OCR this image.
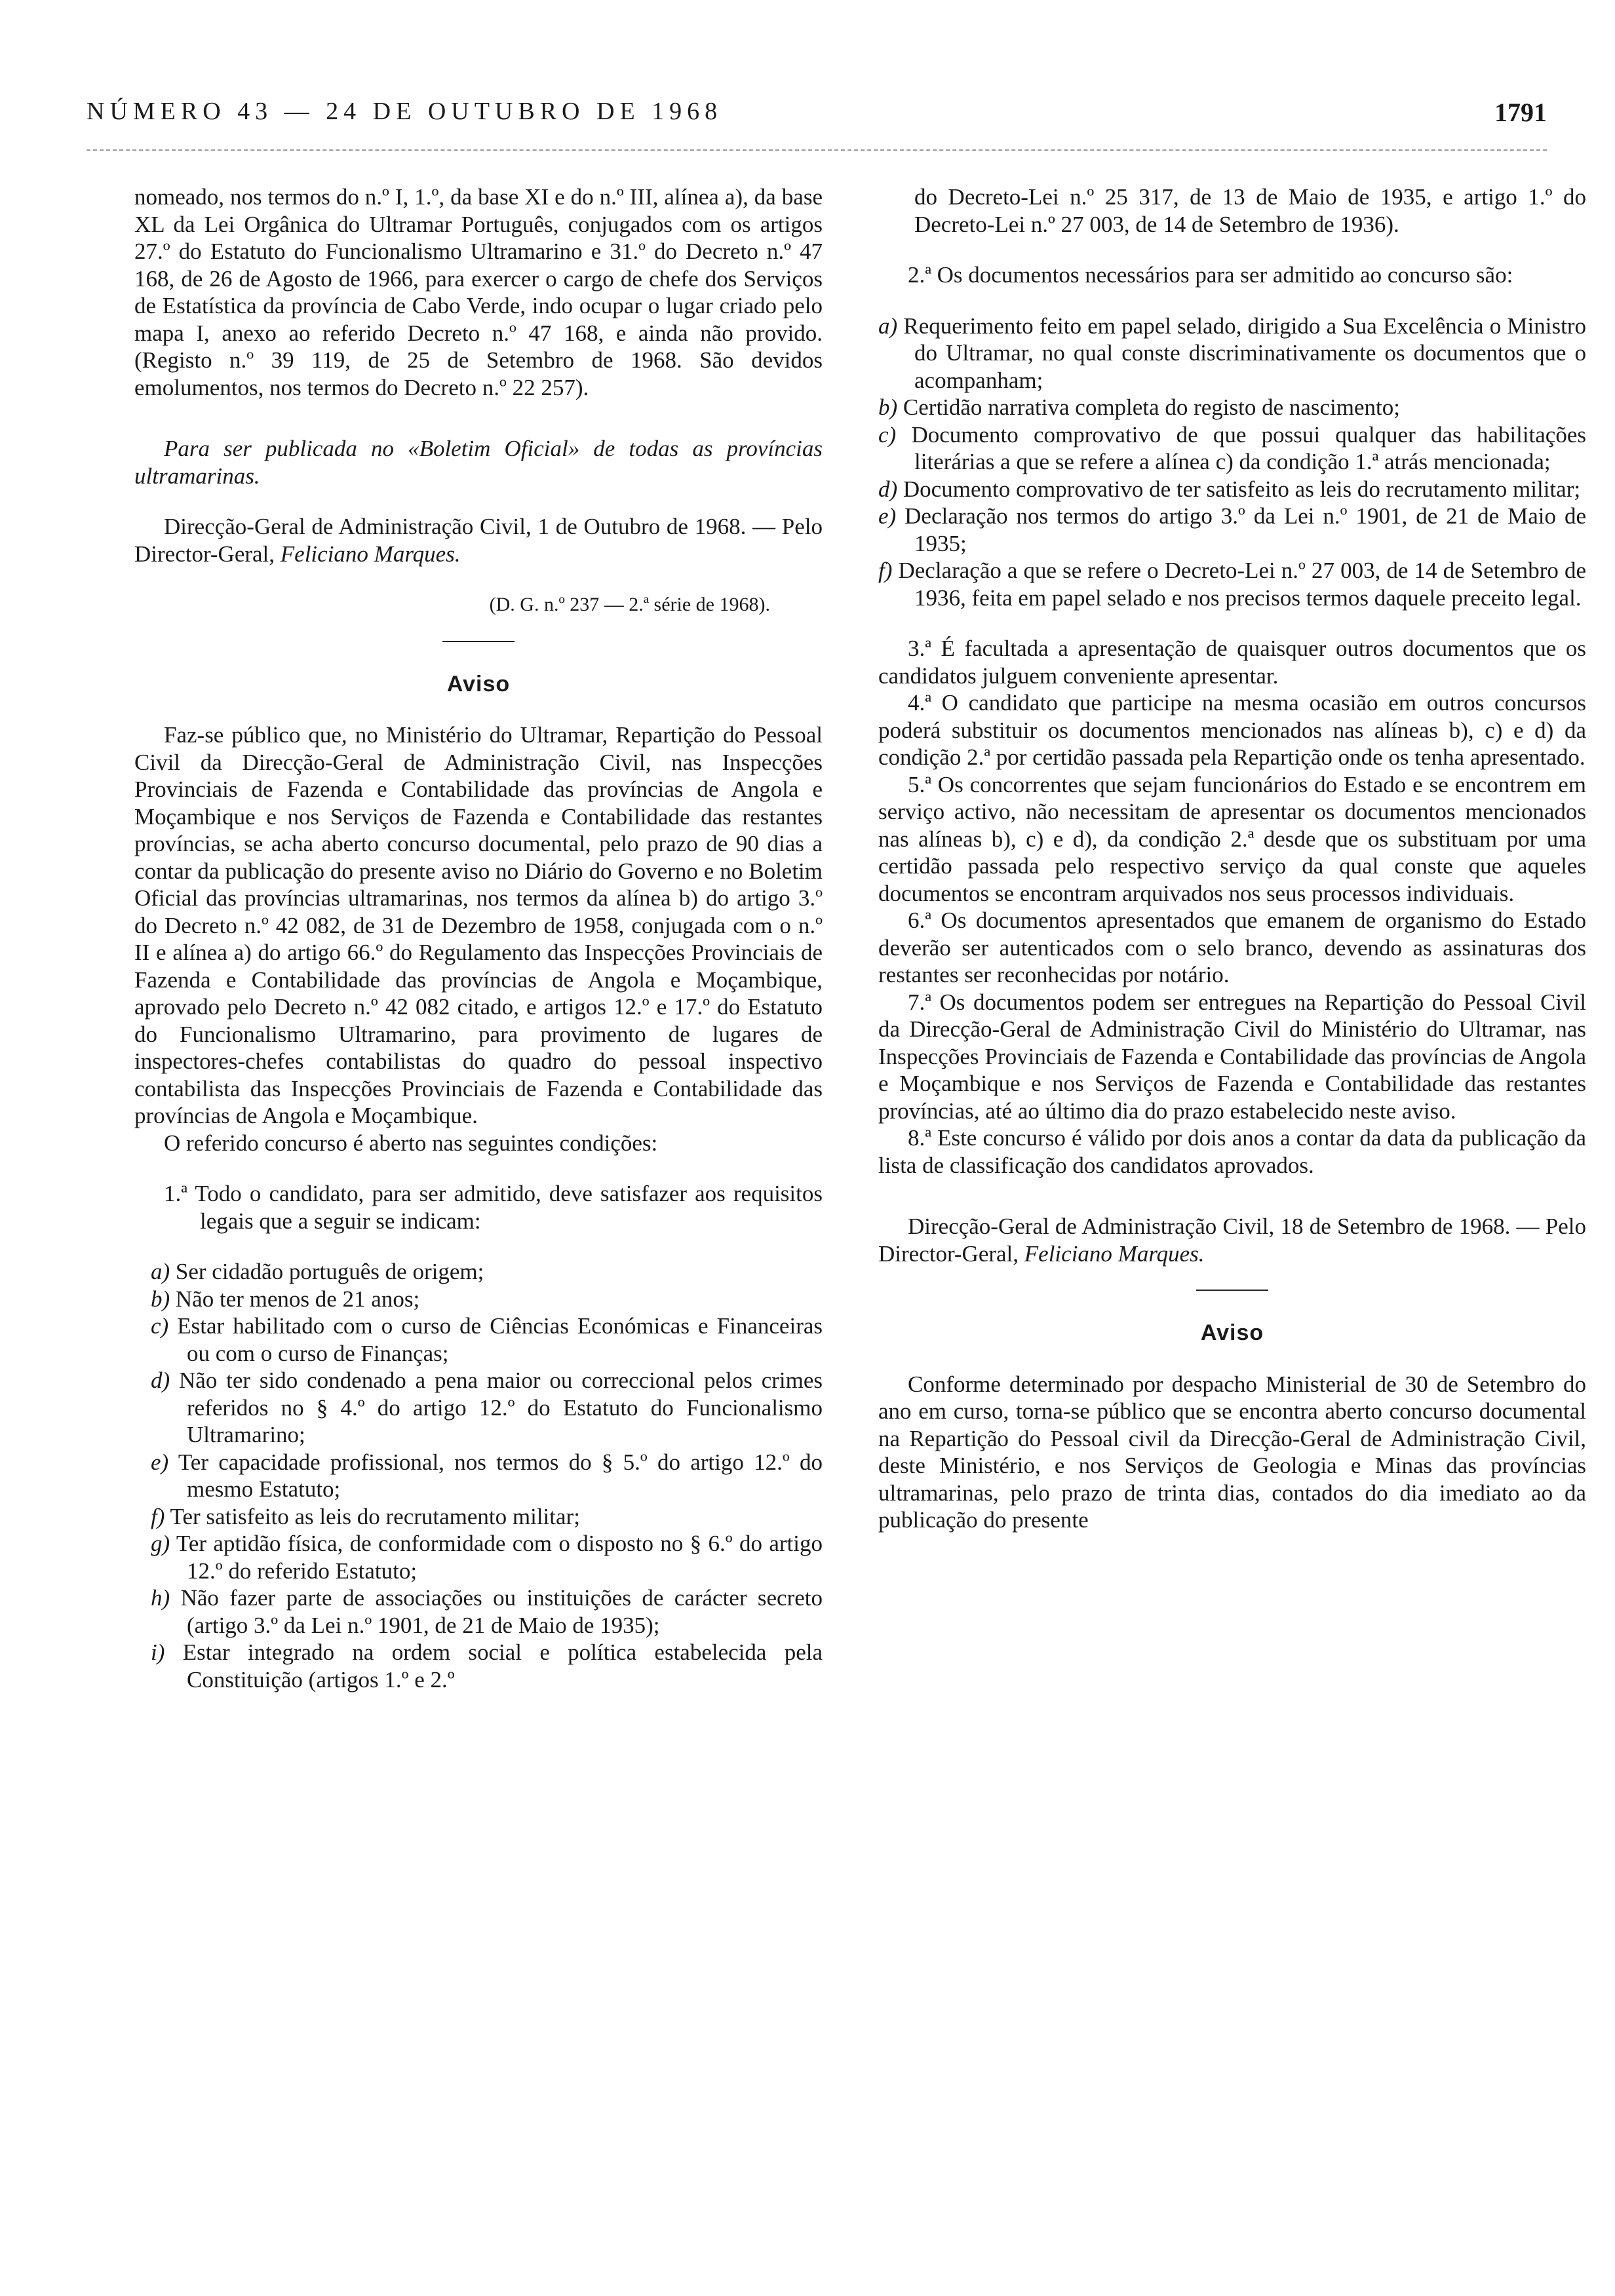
NÚMERO 43 — 24 DE OUTUBRO DE 1968	1791

nomeado, nos termos do n.º I, 1.º, da base XI e do n.º III, alínea a), da base XL da Lei Orgânica do Ultramar Português, conjugados com os artigos 27.º do Estatuto do Funcionalismo Ultramarino e 31.º do Decreto n.º 47 168, de 26 de Agosto de 1966, para exercer o cargo de chefe dos Serviços de Estatística da província de Cabo Verde, indo ocupar o lugar criado pelo mapa I, anexo ao referido Decreto n.º 47 168, e ainda não provido. (Registo n.º 39 119, de 25 de Setembro de 1968. São devidos emolumentos, nos termos do Decreto n.º 22 257).

Para ser publicada no «Boletim Oficial» de todas as províncias ultramarinas.

Direcção-Geral de Administração Civil, 1 de Outubro de 1968. — Pelo Director-Geral, Feliciano Marques.

(D. G. n.º 237 — 2.ª série de 1968).

Aviso

Faz-se público que, no Ministério do Ultramar, Repartição do Pessoal Civil da Direcção-Geral de Administração Civil, nas Inspecções Provinciais de Fazenda e Contabilidade das províncias de Angola e Moçambique e nos Serviços de Fazenda e Contabilidade das restantes províncias, se acha aberto concurso documental, pelo prazo de 90 dias a contar da publicação do presente aviso no Diário do Governo e no Boletim Oficial das províncias ultramarinas, nos termos da alínea b) do artigo 3.º do Decreto n.º 42 082, de 31 de Dezembro de 1958, conjugada com o n.º II e alínea a) do artigo 66.º do Regulamento das Inspecções Provinciais de Fazenda e Contabilidade das províncias de Angola e Moçambique, aprovado pelo Decreto n.º 42 082 citado, e artigos 12.º e 17.º do Estatuto do Funcionalismo Ultramarino, para provimento de lugares de inspectores-chefes contabilistas do quadro do pessoal inspectivo contabilista das Inspecções Provinciais de Fazenda e Contabilidade das províncias de Angola e Moçambique.

O referido concurso é aberto nas seguintes condições:

1.ª Todo o candidato, para ser admitido, deve satisfazer aos requisitos legais que a seguir se indicam:

a) Ser cidadão português de origem;

b) Não ter menos de 21 anos;

c) Estar habilitado com o curso de Ciências Económicas e Financeiras ou com o curso de Finanças;

d) Não ter sido condenado a pena maior ou correccional pelos crimes referidos no § 4.º do artigo 12.º do Estatuto do Funcionalismo Ultramarino;

e) Ter capacidade profissional, nos termos do § 5.º do artigo 12.º do mesmo Estatuto;

f) Ter satisfeito as leis do recrutamento militar;

g) Ter aptidão física, de conformidade com o disposto no § 6.º do artigo 12.º do referido Estatuto;

h) Não fazer parte de associações ou instituições de carácter secreto (artigo 3.º da Lei n.º 1901, de 21 de Maio de 1935);

i) Estar integrado na ordem social e política estabelecida pela Constituição (artigos 1.º e 2.º

do Decreto-Lei n.º 25 317, de 13 de Maio de 1935, e artigo 1.º do Decreto-Lei n.º 27 003, de 14 de Setembro de 1936).

2.ª Os documentos necessários para ser admitido ao concurso são:

a) Requerimento feito em papel selado, dirigido a Sua Excelência o Ministro do Ultramar, no qual conste discriminativamente os documentos que o acompanham;

b) Certidão narrativa completa do registo de nascimento;

c) Documento comprovativo de que possui qualquer das habilitações literárias a que se refere a alínea c) da condição 1.ª atrás mencionada;

d) Documento comprovativo de ter satisfeito as leis do recrutamento militar;

e) Declaração nos termos do artigo 3.º da Lei n.º 1901, de 21 de Maio de 1935;

f) Declaração a que se refere o Decreto-Lei n.º 27 003, de 14 de Setembro de 1936, feita em papel selado e nos precisos termos daquele preceito legal.

3.ª É facultada a apresentação de quaisquer outros documentos que os candidatos julguem conveniente apresentar.

4.ª O candidato que participe na mesma ocasião em outros concursos poderá substituir os documentos mencionados nas alíneas b), c) e d) da condição 2.ª por certidão passada pela Repartição onde os tenha apresentado.

5.ª Os concorrentes que sejam funcionários do Estado e se encontrem em serviço activo, não necessitam de apresentar os documentos mencionados nas alíneas b), c) e d), da condição 2.ª desde que os substituam por uma certidão passada pelo respectivo serviço da qual conste que aqueles documentos se encontram arquivados nos seus processos individuais.

6.ª Os documentos apresentados que emanem de organismo do Estado deverão ser autenticados com o selo branco, devendo as assinaturas dos restantes ser reconhecidas por notário.

7.ª Os documentos podem ser entregues na Repartição do Pessoal Civil da Direcção-Geral de Administração Civil do Ministério do Ultramar, nas Inspecções Provinciais de Fazenda e Contabilidade das províncias de Angola e Moçambique e nos Serviços de Fazenda e Contabilidade das restantes províncias, até ao último dia do prazo estabelecido neste aviso.

8.ª Este concurso é válido por dois anos a contar da data da publicação da lista de classificação dos candidatos aprovados.

Direcção-Geral de Administração Civil, 18 de Setembro de 1968. — Pelo Director-Geral, Feliciano Marques.

Aviso

Conforme determinado por despacho Ministerial de 30 de Setembro do ano em curso, torna-se público que se encontra aberto concurso documental na Repartição do Pessoal civil da Direcção-Geral de Administração Civil, deste Ministério, e nos Serviços de Geologia e Minas das províncias ultramarinas, pelo prazo de trinta dias, contados do dia imediato ao da publicação do presente
